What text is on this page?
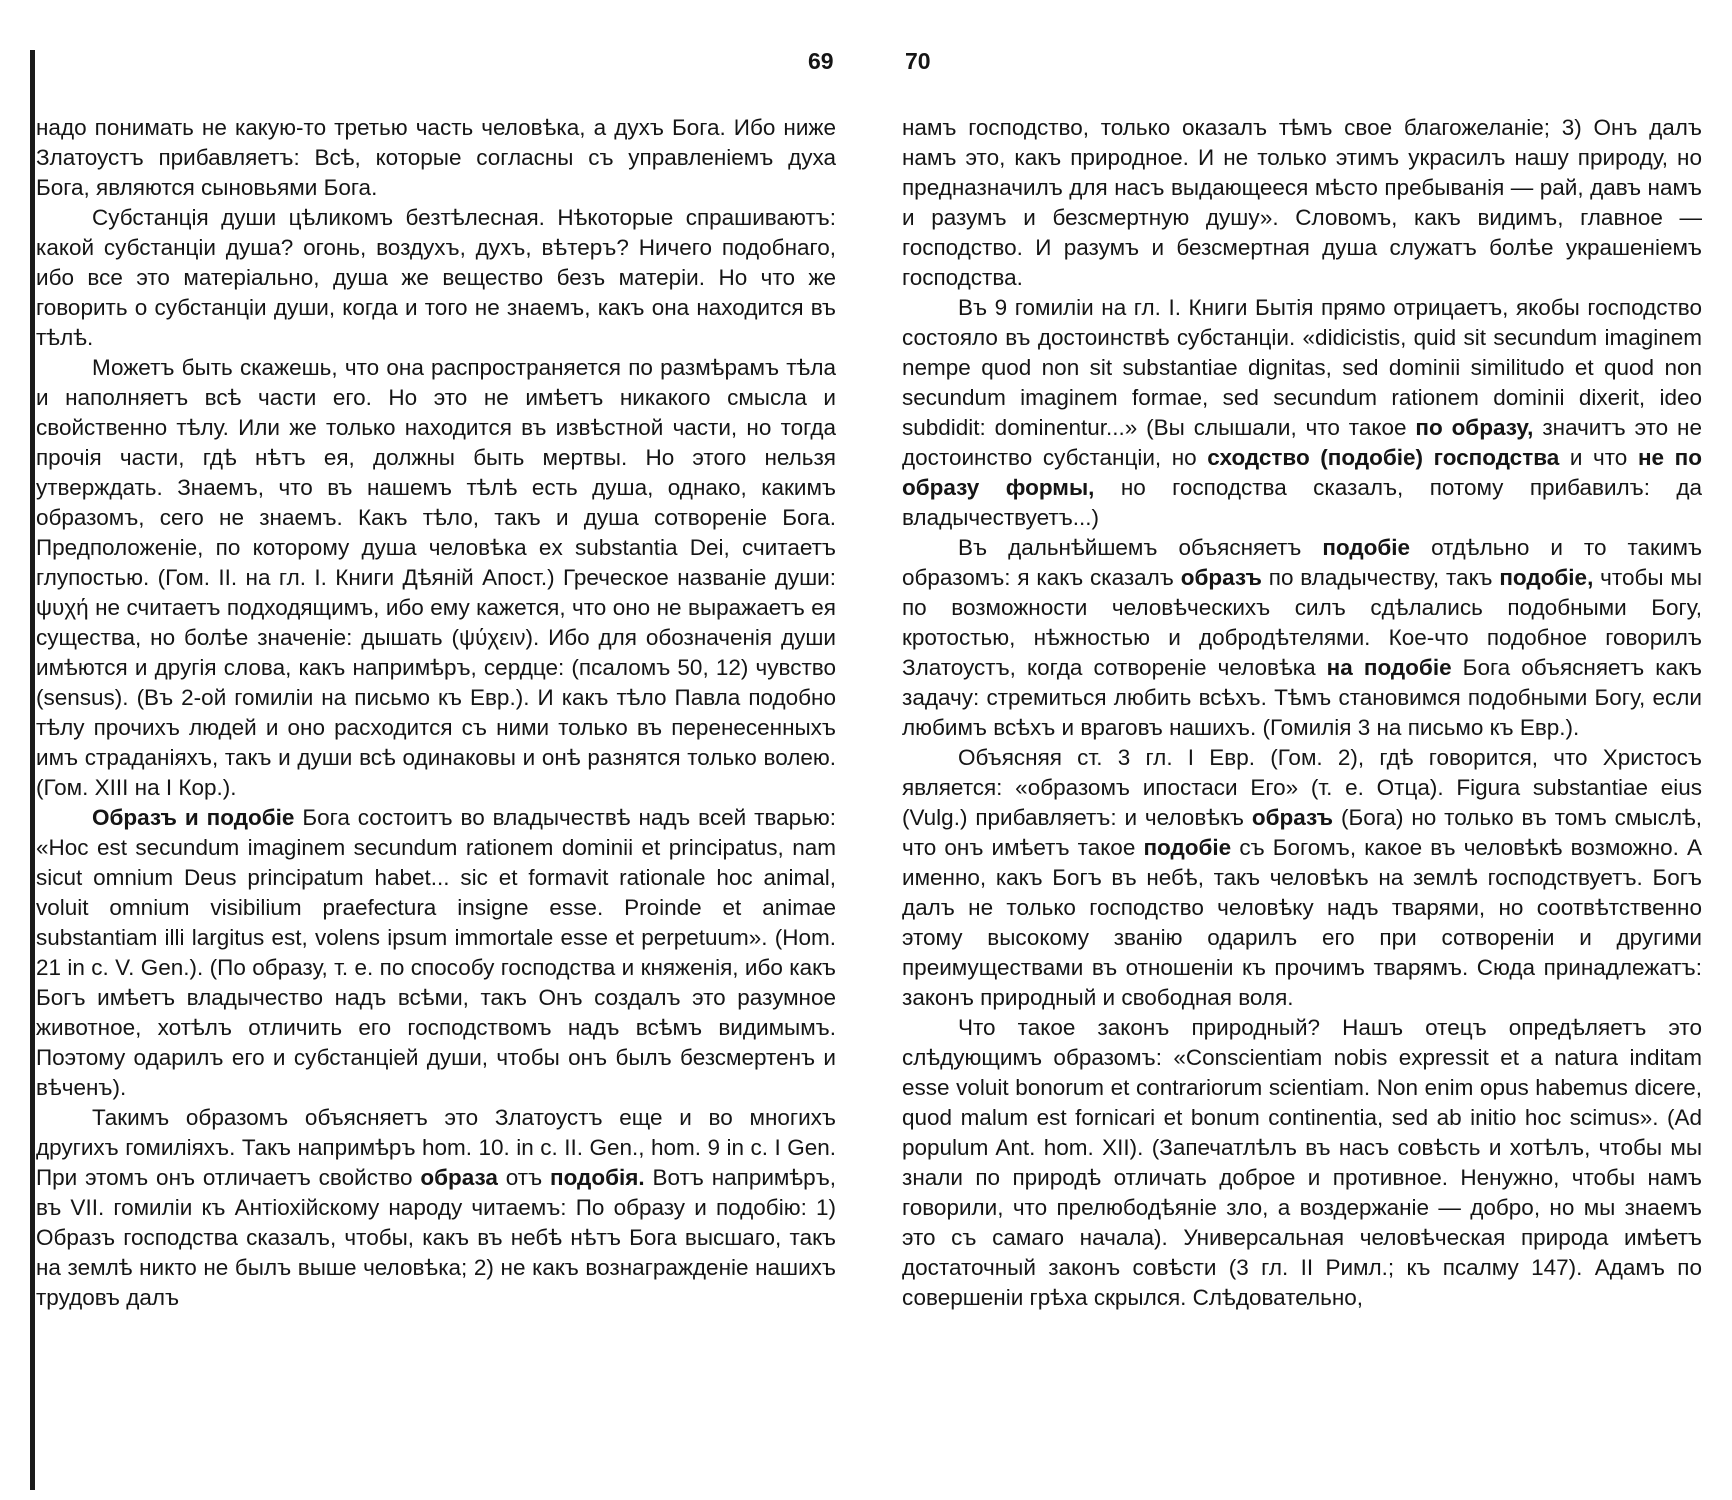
69	70

надо понимать не какую-то третью часть человѣка, а духъ Бога. Ибо ниже Златоустъ прибавляетъ: Всѣ, которые согласны съ управленіемъ духа Бога, являются сыновьями Бога.

Субстанція души цѣликомъ безтѣлесная. Нѣкоторые спрашиваютъ: какой субстанціи душа? огонь, воздухъ, духъ, вѣтеръ? Ничего подобнаго, ибо все это матеріально, душа же вещество безъ матеріи. Но что же говорить о субстанціи души, когда и того не знаемъ, какъ она находится въ тѣлѣ.

Можетъ быть скажешь, что она распространяется по размѣрамъ тѣла и наполняетъ всѣ части его. Но это не имѣетъ никакого смысла и свойственно тѣлу. Или же только находится въ извѣстной части, но тогда прочія части, гдѣ нѣтъ ея, должны быть мертвы. Но этого нельзя утверждать. Знаемъ, что въ нашемъ тѣлѣ есть душа, однако, какимъ образомъ, сего не знаемъ. Какъ тѣло, такъ и душа сотвореніе Бога. Предположеніе, по которому душа человѣка ex substantia Dei, считаетъ глупостью. (Гом. II. на гл. I. Книги Дѣяній Апост.) Греческое названіе души: ψυχή не считаетъ подходящимъ, ибо ему кажется, что оно не выражаетъ ея существа, но болѣе значеніе: дышать (ψύχειν). Ибо для обозначенія души имѣются и другія слова, какъ напримѣръ, сердце: (псаломъ 50, 12) чувство (sensus). (Въ 2-ой гомиліи на письмо къ Евр.). И какъ тѣло Павла подобно тѣлу прочихъ людей и оно расходится съ ними только въ перенесенныхъ имъ страданіяхъ, такъ и души всѣ одинаковы и онѣ разнятся только волею. (Гом. XIII на I Кор.).

Образъ и подобіе Бога состоитъ во владычествѣ надъ всей тварью: «Hoc est secundum imaginem secundum rationem dominii et principatus, nam sicut omnium Deus principatum habet... sic et formavit rationale hoc animal, voluit omnium visibilium praefectura insigne esse. Proinde et animae substantiam illi largitus est, volens ipsum immortale esse et perpetuum». (Hom. 21 in c. V. Gen.). (По образу, т. е. по способу господства и княженія, ибо какъ Богъ имѣетъ владычество надъ всѣми, такъ Онъ создалъ это разумное животное, хотѣлъ отличить его господствомъ надъ всѣмъ видимымъ. Поэтому одарилъ его и субстанціей души, чтобы онъ былъ безсмертенъ и вѣченъ).

Такимъ образомъ объясняетъ это Златоустъ еще и во многихъ другихъ гомиліяхъ. Такъ напримѣръ hom. 10. in c. II. Gen., hom. 9 in c. I Gen. При этомъ онъ отличаетъ свойство образа отъ подобія. Вотъ напримѣръ, въ VII. гомиліи къ Антіохійскому народу читаемъ: По образу и подобію: 1) Образъ господства сказалъ, чтобы, какъ въ небѣ нѣтъ Бога высшаго, такъ на землѣ никто не былъ выше человѣка; 2) не какъ вознагражденіе нашихъ трудовъ далъ

намъ господство, только оказалъ тѣмъ свое благожеланіе; 3) Онъ далъ намъ это, какъ природное. И не только этимъ украсилъ нашу природу, но предназначилъ для насъ выдающееся мѣсто пребыванія — рай, давъ намъ и разумъ и безсмертную душу». Словомъ, какъ видимъ, главное — господство. И разумъ и безсмертная душа служатъ болѣе украшеніемъ господства.

Въ 9 гомиліи на гл. I. Книги Бытія прямо отрицаетъ, якобы господство состояло въ достоинствѣ субстанціи. «didicistis, quid sit secundum imaginem nempe quod non sit substantiae dignitas, sed dominii similitudo et quod non secundum imaginem formae, sed secundum rationem dominii dixerit, ideo subdidit: dominentur...» (Вы слышали, что такое по образу, значитъ это не достоинство субстанціи, но сходство (подобіе) господства и что не по образу формы, но господства сказалъ, потому прибавилъ: да владычествуетъ...)

Въ дальнѣйшемъ объясняетъ подобіе отдѣльно и то такимъ образомъ: я какъ сказалъ образъ по владычеству, такъ подобіе, чтобы мы по возможности человѣческихъ силъ сдѣлались подобными Богу, кротостью, нѣжностью и добродѣтелями. Кое-что подобное говорилъ Златоустъ, когда сотвореніе человѣка на подобіе Бога объясняетъ какъ задачу: стремиться любить всѣхъ. Тѣмъ становимся подобными Богу, если любимъ всѣхъ и враговъ нашихъ. (Гомилія 3 на письмо къ Евр.).

Объясняя ст. 3 гл. I Евр. (Гом. 2), гдѣ говорится, что Христосъ является: «образомъ ипостаси Его» (т. е. Отца). Figura substantiae eius (Vulg.) прибавляетъ: и человѣкъ образъ (Бога) но только въ томъ смыслѣ, что онъ имѣетъ такое подобіе съ Богомъ, какое въ человѣкѣ возможно. А именно, какъ Богъ въ небѣ, такъ человѣкъ на землѣ господствуетъ. Богъ далъ не только господство человѣку надъ тварями, но соотвѣтственно этому высокому званію одарилъ его при сотвореніи и другими преимуществами въ отношеніи къ прочимъ тварямъ. Сюда принадлежатъ: законъ природный и свободная воля.

Что такое законъ природный? Нашъ отецъ опредѣляетъ это слѣдующимъ образомъ: «Conscientiam nobis expressit et a natura inditam esse voluit bonorum et contrariorum scientiam. Non enim opus habemus dicere, quod malum est fornicari et bonum continentia, sed ab initio hoc scimus». (Ad populum Ant. hom. XII). (Запечатлѣлъ въ насъ совѣсть и хотѣлъ, чтобы мы знали по природѣ отличать доброе и противное. Ненужно, чтобы намъ говорили, что прелюбодѣяніе зло, а воздержаніе — добро, но мы знаемъ это съ самаго начала). Универсальная человѣческая природа имѣетъ достаточный законъ совѣсти (3 гл. II Римл.; къ псалму 147). Адамъ по совершеніи грѣха скрылся. Слѣдовательно,
